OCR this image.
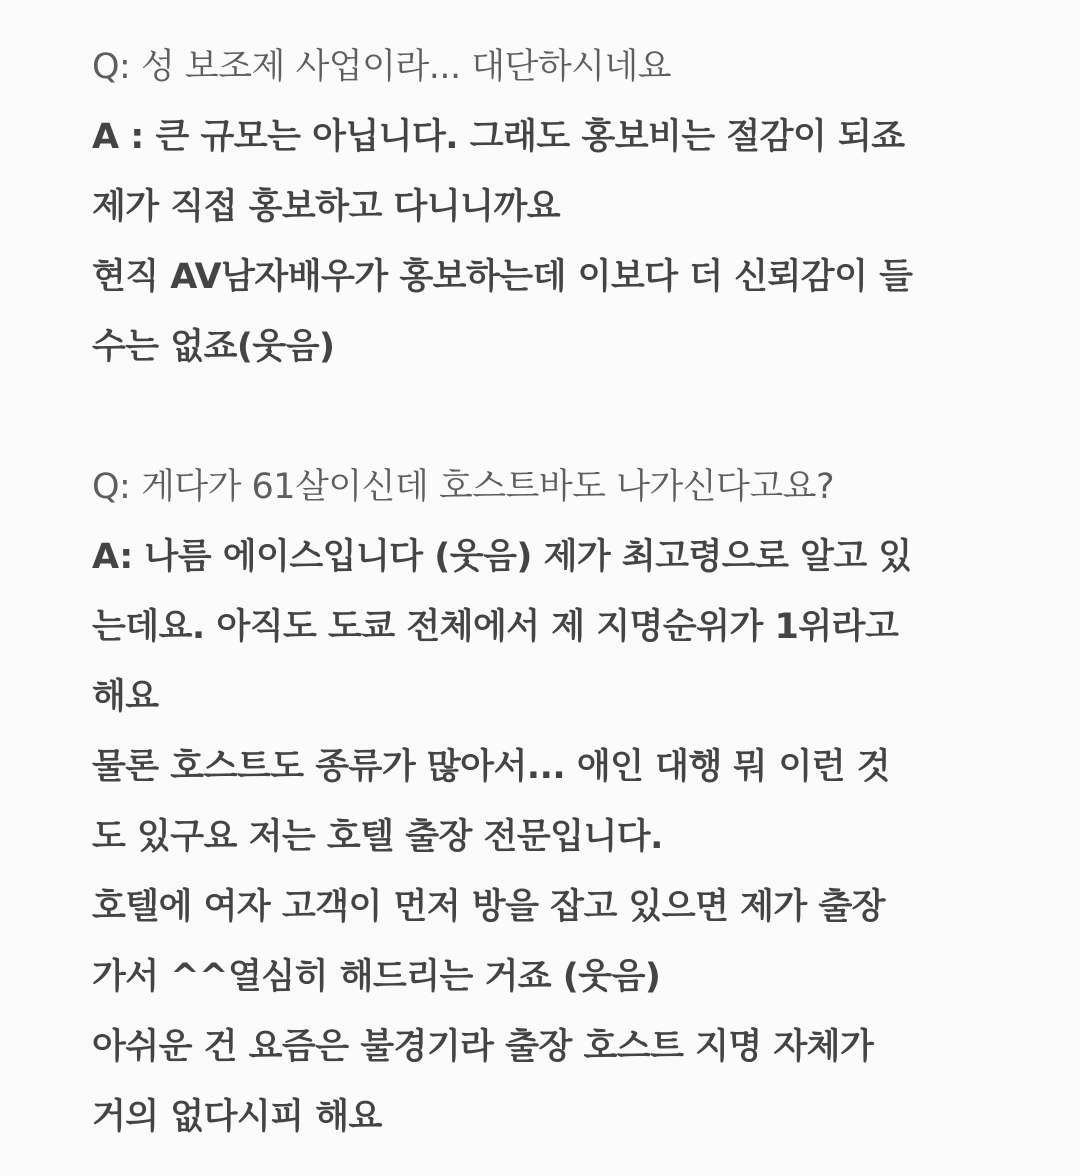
Q: 성 보조제 사업이라... 대단하시네요
A : 큰 규모는 아닙니다. 그래도 홍보비는 절감이 되죠
제가 직접 홍보하고 다니니까요
현직 AV남자배우가 홍보하는데 이보다 더 신뢰감이 들
수는 없죠(웃음)
Q: 게다가 61살이신데 호스트바도 나가신다고요?
A: 나름 에이스입니다 (웃음) 제가 최고령으로 알고 있
는데요. 아직도 도쿄 전체에서 제 지명순위가 1위라고
해요
물론 호스트도 종류가 많아서... 애인 대행 뭐 이런 것
도 있구요 저는 호텔 출장 전문입니다.
호텔에 여자 고객이 먼저 방을 잡고 있으면 제가 출장
가서 ^^열심히 해드리는 거죠 (웃음)
아쉬운 건 요즘은 불경기라 출장 호스트 지명 자체가
거의 없다시피 해요
